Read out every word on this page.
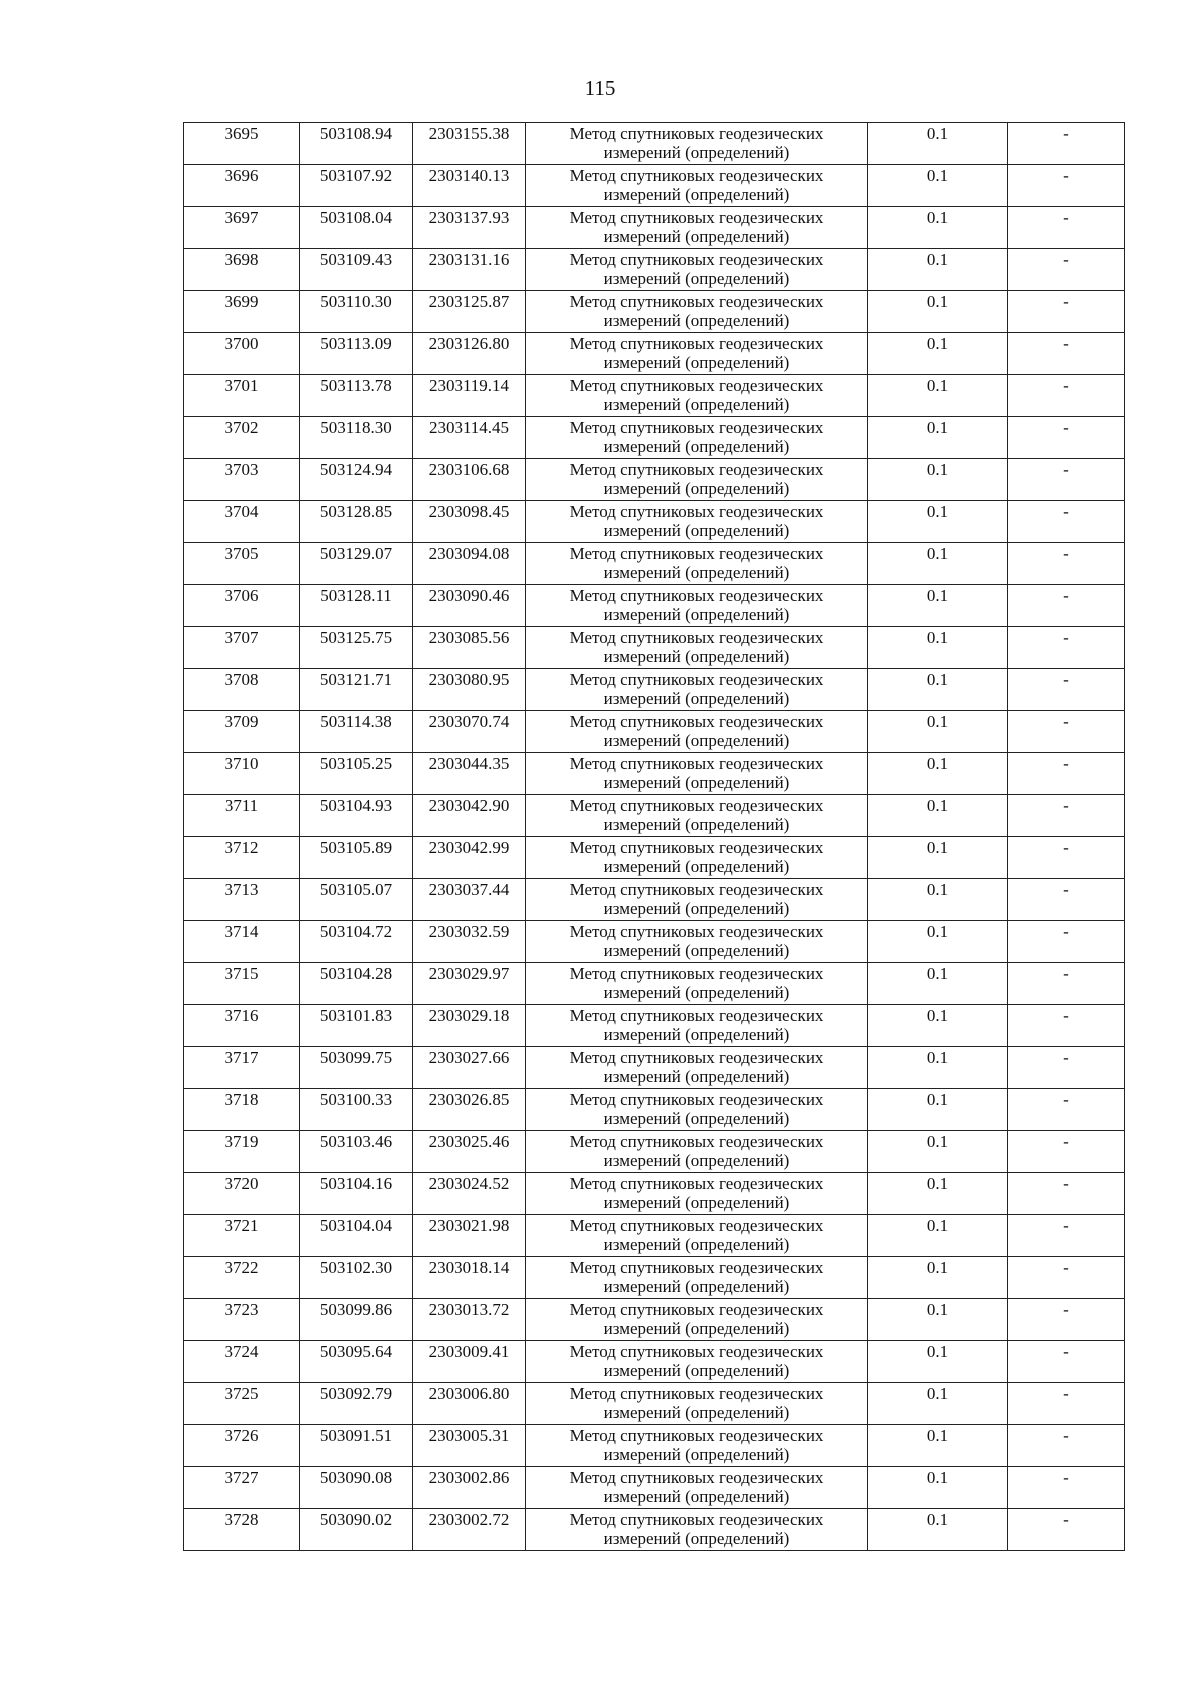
115
3695	503108.94	2303155.38	Метод спутниковых геодезических
измерений (определений)	0.1	-

3696	503107.92	2303140.13	Метод спутниковых геодезических
измерений (определений)	0.1	-

3697	503108.04	2303137.93	Метод спутниковых геодезических
измерений (определений)	0.1	-

3698	503109.43	2303131.16	Метод спутниковых геодезических
измерений (определений)	0.1	-

3699	503110.30	2303125.87	Метод спутниковых геодезических
измерений (определений)	0.1	-

3700	503113.09	2303126.80	Метод спутниковых геодезических
измерений (определений)	0.1	-

3701	503113.78	2303119.14	Метод спутниковых геодезических
измерений (определений)	0.1	-

3702	503118.30	2303114.45	Метод спутниковых геодезических
измерений (определений)	0.1	-

3703	503124.94	2303106.68	Метод спутниковых геодезических
измерений (определений)	0.1	-

3704	503128.85	2303098.45	Метод спутниковых геодезических
измерений (определений)	0.1	-

3705	503129.07	2303094.08	Метод спутниковых геодезических
измерений (определений)	0.1	-

3706	503128.11	2303090.46	Метод спутниковых геодезических
измерений (определений)	0.1	-

3707	503125.75	2303085.56	Метод спутниковых геодезических
измерений (определений)	0.1	-

3708	503121.71	2303080.95	Метод спутниковых геодезических
измерений (определений)	0.1	-

3709	503114.38	2303070.74	Метод спутниковых геодезических
измерений (определений)	0.1	-

3710	503105.25	2303044.35	Метод спутниковых геодезических
измерений (определений)	0.1	-

3711	503104.93	2303042.90	Метод спутниковых геодезических
измерений (определений)	0.1	-

3712	503105.89	2303042.99	Метод спутниковых геодезических
измерений (определений)	0.1	-

3713	503105.07	2303037.44	Метод спутниковых геодезических
измерений (определений)	0.1	-

3714	503104.72	2303032.59	Метод спутниковых геодезических
измерений (определений)	0.1	-

3715	503104.28	2303029.97	Метод спутниковых геодезических
измерений (определений)	0.1	-

3716	503101.83	2303029.18	Метод спутниковых геодезических
измерений (определений)	0.1	-

3717	503099.75	2303027.66	Метод спутниковых геодезических
измерений (определений)	0.1	-

3718	503100.33	2303026.85	Метод спутниковых геодезических
измерений (определений)	0.1	-

3719	503103.46	2303025.46	Метод спутниковых геодезических
измерений (определений)	0.1	-

3720	503104.16	2303024.52	Метод спутниковых геодезических
измерений (определений)	0.1	-

3721	503104.04	2303021.98	Метод спутниковых геодезических
измерений (определений)	0.1	-

3722	503102.30	2303018.14	Метод спутниковых геодезических
измерений (определений)	0.1	-

3723	503099.86	2303013.72	Метод спутниковых геодезических
измерений (определений)	0.1	-

3724	503095.64	2303009.41	Метод спутниковых геодезических
измерений (определений)	0.1	-

3725	503092.79	2303006.80	Метод спутниковых геодезических
измерений (определений)	0.1	-

3726	503091.51	2303005.31	Метод спутниковых геодезических
измерений (определений)	0.1	-

3727	503090.08	2303002.86	Метод спутниковых геодезических
измерений (определений)	0.1	-

3728	503090.02	2303002.72	Метод спутниковых геодезических
измерений (определений)	0.1	-
